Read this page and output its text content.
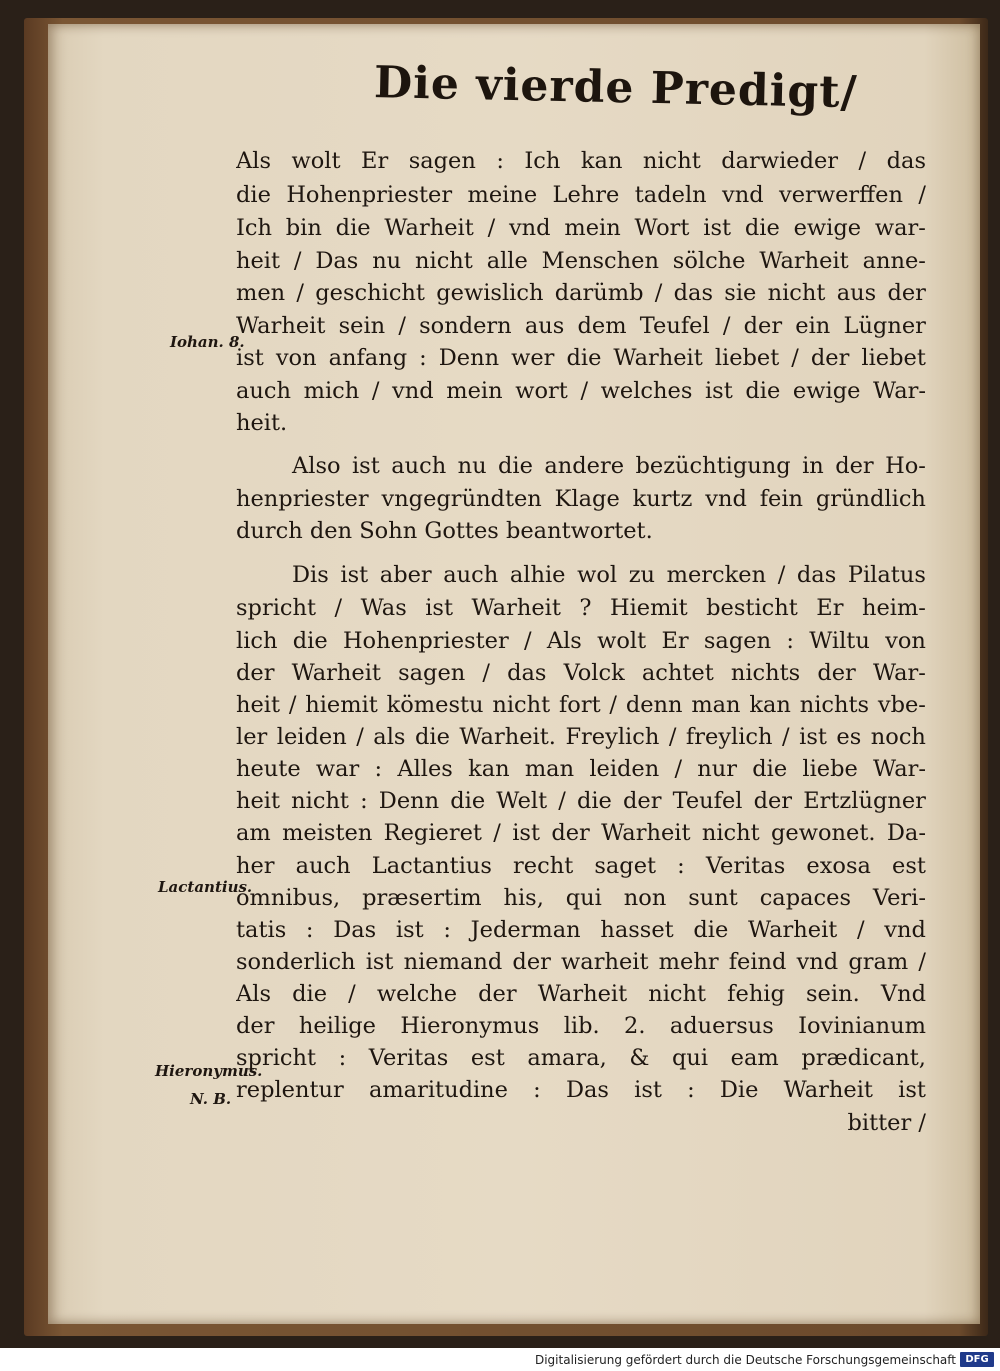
Die vierde Predigt/
Als wolt Er sagen : Ich kan nicht darwieder / das
die Hohenpriester meine Lehre tadeln vnd verwerffen /
Ich bin die Warheit / vnd mein Wort ist die ewige war-
heit / Das nu nicht alle Menschen sölche Warheit anne-
men / geschicht gewislich darümb / das sie nicht aus der
Warheit sein / sondern aus dem Teufel / der ein Lügner
ist von anfang : Denn wer die Warheit liebet / der liebet
auch mich / vnd mein wort / welches ist die ewige War-
heit.
Also ist auch nu die andere bezüchtigung in der Ho-
henpriester vngegründten Klage kurtz vnd fein gründlich
durch den Sohn Gottes beantwortet.
Dis ist aber auch alhie wol zu mercken / das Pilatus
spricht / Was ist Warheit ? Hiemit besticht Er heim-
lich die Hohenpriester / Als wolt Er sagen : Wiltu von
der Warheit sagen / das Volck achtet nichts der War-
heit / hiemit kömestu nicht fort / denn man kan nichts vbe-
ler leiden / als die Warheit. Freylich / freylich / ist es noch
heute war : Alles kan man leiden / nur die liebe War-
heit nicht : Denn die Welt / die der Teufel der Ertzlügner
am meisten Regieret / ist der Warheit nicht gewonet. Da-
her auch Lactantius recht saget : Veritas exosa est
omnibus, præsertim his, qui non sunt capaces Veri-
tatis : Das ist : Jederman hasset die Warheit / vnd
sonderlich ist niemand der warheit mehr feind vnd gram /
Als die / welche der Warheit nicht fehig sein. Vnd
der heilige Hieronymus lib. 2. aduersus Iovinianum
spricht : Veritas est amara, & qui eam prædicant,
replentur amaritudine : Das ist : Die Warheit ist
bitter /
Iohan. 8.
Lactantius.
Hieronymus.
N. B.
Digitalisierung gefördert durch die Deutsche Forschungsgemeinschaft DFG
